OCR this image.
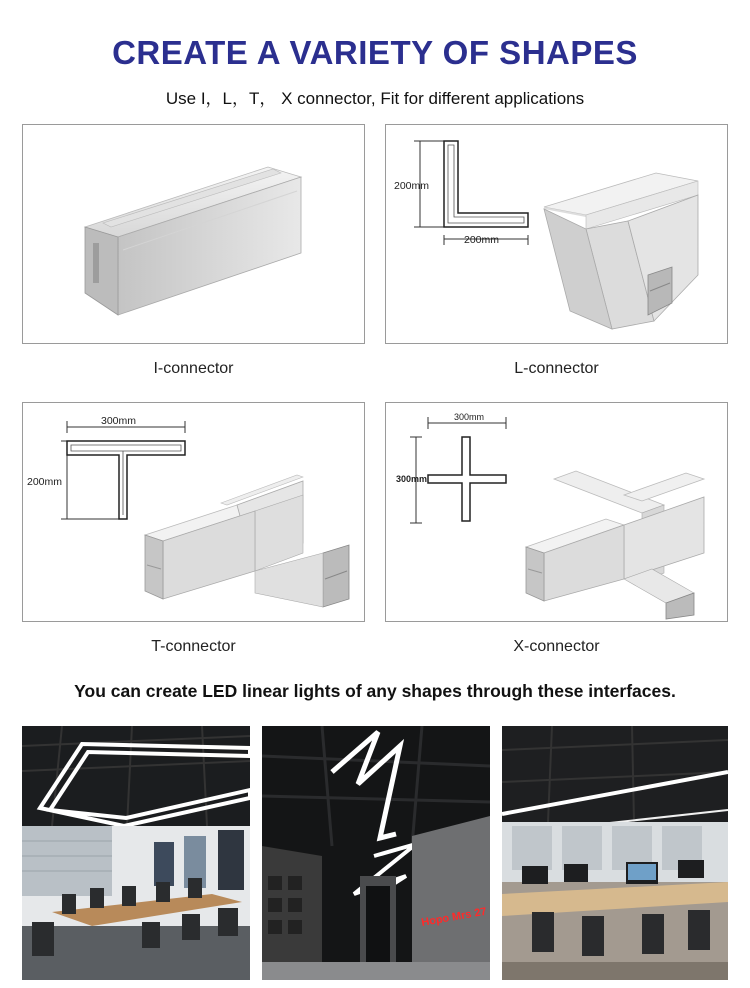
CREATE A VARIETY OF SHAPES
Use I，L，T， X connector, Fit for different applications
I-connector
200mm
200mm
L-connector
300mm
200mm
T-connector
300mm
300mm
X-connector
You can create LED linear lights of any shapes through these interfaces.
Hopo Mrs 27
